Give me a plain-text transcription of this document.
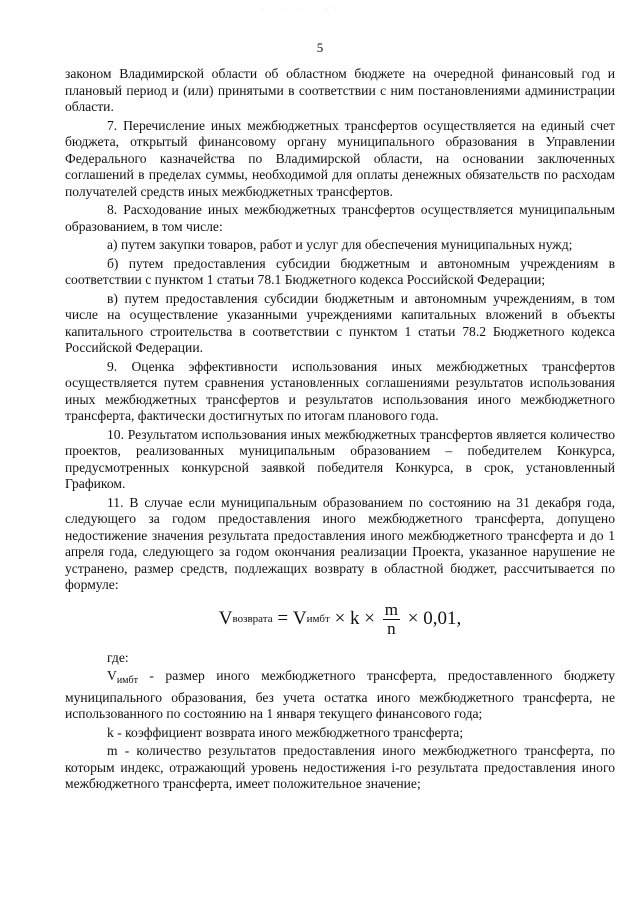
· ·˙·.·˙ ˙· · · ·.˙··
5

законом Владимирской области об областном бюджете на очередной финансовый год и плановый период и (или) принятыми в соответствии с ним постановлениями администрации области.

7. Перечисление иных межбюджетных трансфертов осуществляется на единый счет бюджета, открытый финансовому органу муниципального образования в Управлении Федерального казначейства по Владимирской области, на основании заключенных соглашений в пределах суммы, необходимой для оплаты денежных обязательств по расходам получателей средств иных межбюджетных трансфертов.

8. Расходование иных межбюджетных трансфертов осуществляется муниципальным образованием, в том числе:

а) путем закупки товаров, работ и услуг для обеспечения муниципальных нужд;

б) путем предоставления субсидии бюджетным и автономным учреждениям в соответствии с пунктом 1 статьи 78.1 Бюджетного кодекса Российской Федерации;

в) путем предоставления субсидии бюджетным и автономным учреждениям, в том числе на осуществление указанными учреждениями капитальных вложений в объекты капитального строительства в соответствии с пунктом 1 статьи 78.2 Бюджетного кодекса Российской Федерации.

9. Оценка эффективности использования иных межбюджетных трансфертов осуществляется путем сравнения установленных соглашениями результатов использования иных межбюджетных трансфертов и результатов использования иного межбюджетного трансферта, фактически достигнутых по итогам планового года.

10. Результатом использования иных межбюджетных трансфертов является количество проектов, реализованных муниципальным образованием – победителем Конкурса, предусмотренных конкурсной заявкой победителя Конкурса, в срок, установленный Графиком.

11. В случае если муниципальным образованием по состоянию на 31 декабря года, следующего за годом предоставления иного межбюджетного трансферта, допущено недостижение значения результата предоставления иного межбюджетного трансферта и до 1 апреля года, следующего за годом окончания реализации Проекта, указанное нарушение не устранено, размер средств, подлежащих возврату в областной бюджет, рассчитывается по формуле:

V возврата = V имбт × $k \times \frac{m}{n} \times 0,01$,

где:

$V_{имбт}$ - размер иного межбюджетного трансферта, предоставленного бюджету муниципального образования, без учета остатка иного межбюджетного трансферта, не использованного по состоянию на 1 января текущего финансового года;

k - коэффициент возврата иного межбюджетного трансферта;

m - количество результатов предоставления иного межбюджетного трансферта, по которым индекс, отражающий уровень недостижения i-го результата предоставления иного межбюджетного трансферта, имеет положительное значение;
